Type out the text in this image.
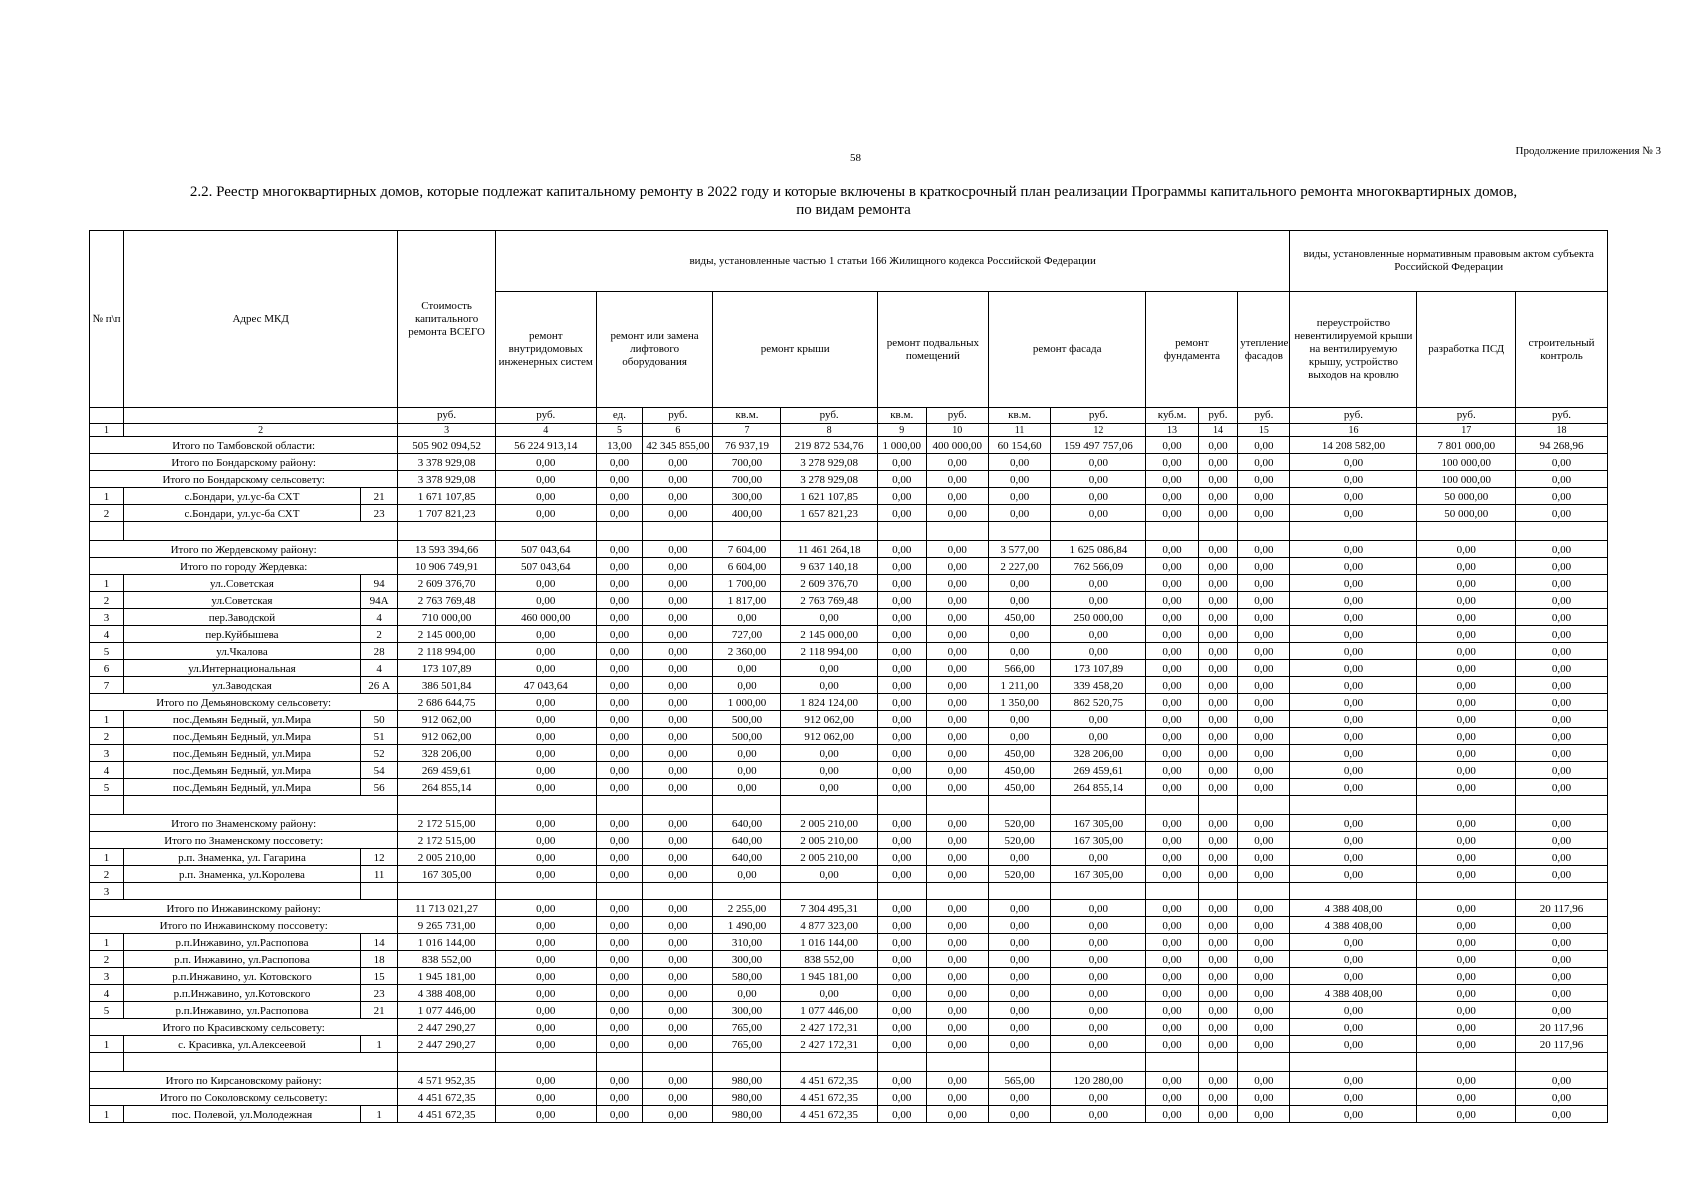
58
Продолжение приложения № 3
2.2. Реестр многоквартирных домов, которые подлежат капитальному ремонту в 2022 году и которые включены в краткосрочный план реализации Программы капитального ремонта многоквартирных домов,
по видам ремонта
№ п\п	Адрес МКД		Стоимость капитального ремонта ВСЕГО	виды, установленные частью 1 статьи 166 Жилищного кодекса Российской Федерации												виды, установленные нормативным правовым актом субъекта Российской Федерации		
				ремонт внутридомовых инженерных систем	ремонт или замена лифтового оборудования		ремонт крыши		ремонт подвальных помещений		ремонт фасада		ремонт фундамента		утепление фасадов	переустройство невентилируемой крыши на вентилируемую крышу, устройство выходов на кровлю	разработка ПСД	строительный контроль
			руб.	руб.	ед.	руб.	кв.м.	руб.	кв.м.	руб.	кв.м.	руб.	куб.м.	руб.	руб.	руб.	руб.	руб.
1	2		3	4	5	6	7	8	9	10	11	12	13	14	15	16	17	18
Итого по Тамбовской области:			505 902 094,52	56 224 913,14	13,00	42 345 855,00	76 937,19	219 872 534,76	1 000,00	400 000,00	60 154,60	159 497 757,06	0,00	0,00	0,00	14 208 582,00	7 801 000,00	94 268,96
Итого по Бондарскому району:			3 378 929,08	0,00	0,00	0,00	700,00	3 278 929,08	0,00	0,00	0,00	0,00	0,00	0,00	0,00	0,00	100 000,00	0,00
Итого по Бондарскому сельсовету:			3 378 929,08	0,00	0,00	0,00	700,00	3 278 929,08	0,00	0,00	0,00	0,00	0,00	0,00	0,00	0,00	100 000,00	0,00
1	с.Бондари, ул.ус-ба СХТ	21	1 671 107,85	0,00	0,00	0,00	300,00	1 621 107,85	0,00	0,00	0,00	0,00	0,00	0,00	0,00	0,00	50 000,00	0,00
2	с.Бондари, ул.ус-ба СХТ	23	1 707 821,23	0,00	0,00	0,00	400,00	1 657 821,23	0,00	0,00	0,00	0,00	0,00	0,00	0,00	0,00	50 000,00	0,00

Итого по Жердевскому району:			13 593 394,66	507 043,64	0,00	0,00	7 604,00	11 461 264,18	0,00	0,00	3 577,00	1 625 086,84	0,00	0,00	0,00	0,00	0,00	0,00
Итого по городу Жердевка:			10 906 749,91	507 043,64	0,00	0,00	6 604,00	9 637 140,18	0,00	0,00	2 227,00	762 566,09	0,00	0,00	0,00	0,00	0,00	0,00
1	ул..Советская	94	2 609 376,70	0,00	0,00	0,00	1 700,00	2 609 376,70	0,00	0,00	0,00	0,00	0,00	0,00	0,00	0,00	0,00	0,00
2	ул.Советская	94А	2 763 769,48	0,00	0,00	0,00	1 817,00	2 763 769,48	0,00	0,00	0,00	0,00	0,00	0,00	0,00	0,00	0,00	0,00
3	пер.Заводской	4	710 000,00	460 000,00	0,00	0,00	0,00	0,00	0,00	0,00	450,00	250 000,00	0,00	0,00	0,00	0,00	0,00	0,00
4	пер.Куйбышева	2	2 145 000,00	0,00	0,00	0,00	727,00	2 145 000,00	0,00	0,00	0,00	0,00	0,00	0,00	0,00	0,00	0,00	0,00
5	ул.Чкалова	28	2 118 994,00	0,00	0,00	0,00	2 360,00	2 118 994,00	0,00	0,00	0,00	0,00	0,00	0,00	0,00	0,00	0,00	0,00
6	ул.Интернациональная	4	173 107,89	0,00	0,00	0,00	0,00	0,00	0,00	0,00	566,00	173 107,89	0,00	0,00	0,00	0,00	0,00	0,00
7	ул.Заводская	26 А	386 501,84	47 043,64	0,00	0,00	0,00	0,00	0,00	0,00	1 211,00	339 458,20	0,00	0,00	0,00	0,00	0,00	0,00
Итого по Демьяновскому сельсовету:			2 686 644,75	0,00	0,00	0,00	1 000,00	1 824 124,00	0,00	0,00	1 350,00	862 520,75	0,00	0,00	0,00	0,00	0,00	0,00
1	пос.Демьян Бедный, ул.Мира	50	912 062,00	0,00	0,00	0,00	500,00	912 062,00	0,00	0,00	0,00	0,00	0,00	0,00	0,00	0,00	0,00	0,00
2	пос.Демьян Бедный, ул.Мира	51	912 062,00	0,00	0,00	0,00	500,00	912 062,00	0,00	0,00	0,00	0,00	0,00	0,00	0,00	0,00	0,00	0,00
3	пос.Демьян Бедный, ул.Мира	52	328 206,00	0,00	0,00	0,00	0,00	0,00	0,00	0,00	450,00	328 206,00	0,00	0,00	0,00	0,00	0,00	0,00
4	пос.Демьян Бедный, ул.Мира	54	269 459,61	0,00	0,00	0,00	0,00	0,00	0,00	0,00	450,00	269 459,61	0,00	0,00	0,00	0,00	0,00	0,00
5	пос.Демьян Бедный, ул.Мира	56	264 855,14	0,00	0,00	0,00	0,00	0,00	0,00	0,00	450,00	264 855,14	0,00	0,00	0,00	0,00	0,00	0,00

Итого по Знаменскому району:			2 172 515,00	0,00	0,00	0,00	640,00	2 005 210,00	0,00	0,00	520,00	167 305,00	0,00	0,00	0,00	0,00	0,00	0,00
Итого по Знаменскому поссовету:			2 172 515,00	0,00	0,00	0,00	640,00	2 005 210,00	0,00	0,00	520,00	167 305,00	0,00	0,00	0,00	0,00	0,00	0,00
1	р.п. Знаменка, ул. Гагарина	12	2 005 210,00	0,00	0,00	0,00	640,00	2 005 210,00	0,00	0,00	0,00	0,00	0,00	0,00	0,00	0,00	0,00	0,00
2	р.п. Знаменка, ул.Королева	11	167 305,00	0,00	0,00	0,00	0,00	0,00	0,00	0,00	520,00	167 305,00	0,00	0,00	0,00	0,00	0,00	0,00
3																		
Итого по Инжавинскому району:			11 713 021,27	0,00	0,00	0,00	2 255,00	7 304 495,31	0,00	0,00	0,00	0,00	0,00	0,00	0,00	4 388 408,00	0,00	20 117,96
Итого по Инжавинскому поссовету:			9 265 731,00	0,00	0,00	0,00	1 490,00	4 877 323,00	0,00	0,00	0,00	0,00	0,00	0,00	0,00	4 388 408,00	0,00	0,00
1	р.п.Инжавино, ул.Распопова	14	1 016 144,00	0,00	0,00	0,00	310,00	1 016 144,00	0,00	0,00	0,00	0,00	0,00	0,00	0,00	0,00	0,00	0,00
2	р.п. Инжавино, ул.Распопова	18	838 552,00	0,00	0,00	0,00	300,00	838 552,00	0,00	0,00	0,00	0,00	0,00	0,00	0,00	0,00	0,00	0,00
3	р.п.Инжавино, ул. Котовского	15	1 945 181,00	0,00	0,00	0,00	580,00	1 945 181,00	0,00	0,00	0,00	0,00	0,00	0,00	0,00	0,00	0,00	0,00
4	р.п.Инжавино, ул.Котовского	23	4 388 408,00	0,00	0,00	0,00	0,00	0,00	0,00	0,00	0,00	0,00	0,00	0,00	0,00	4 388 408,00	0,00	0,00
5	р.п.Инжавино, ул.Распопова	21	1 077 446,00	0,00	0,00	0,00	300,00	1 077 446,00	0,00	0,00	0,00	0,00	0,00	0,00	0,00	0,00	0,00	0,00
Итого по Красивскому сельсовету:			2 447 290,27	0,00	0,00	0,00	765,00	2 427 172,31	0,00	0,00	0,00	0,00	0,00	0,00	0,00	0,00	0,00	20 117,96
1	с. Красивка, ул.Алексеевой	1	2 447 290,27	0,00	0,00	0,00	765,00	2 427 172,31	0,00	0,00	0,00	0,00	0,00	0,00	0,00	0,00	0,00	20 117,96

Итого по Кирсановскому району:			4 571 952,35	0,00	0,00	0,00	980,00	4 451 672,35	0,00	0,00	565,00	120 280,00	0,00	0,00	0,00	0,00	0,00	0,00
Итого по Соколовскому сельсовету:			4 451 672,35	0,00	0,00	0,00	980,00	4 451 672,35	0,00	0,00	0,00	0,00	0,00	0,00	0,00	0,00	0,00	0,00
1	пос. Полевой, ул.Молодежная	1	4 451 672,35	0,00	0,00	0,00	980,00	4 451 672,35	0,00	0,00	0,00	0,00	0,00	0,00	0,00	0,00	0,00	0,00
